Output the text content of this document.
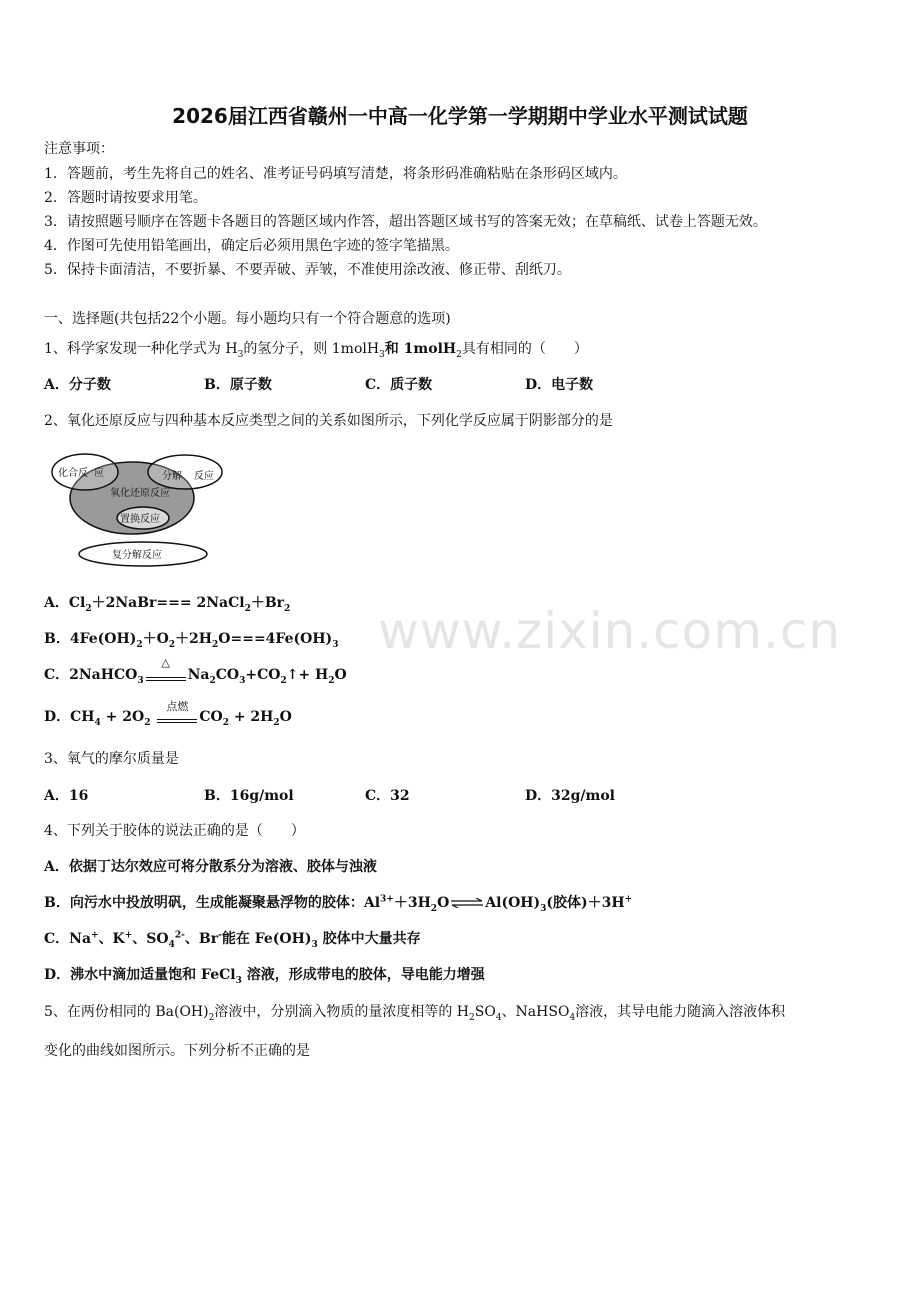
2026届江西省赣州一中高一化学第一学期期中学业水平测试试题
注意事项：
1．答题前，考生先将自己的姓名、准考证号码填写清楚，将条形码准确粘贴在条形码区域内。
2．答题时请按要求用笔。
3．请按照题号顺序在答题卡各题目的答题区域内作答，超出答题区域书写的答案无效；在草稿纸、试卷上答题无效。
4．作图可先使用铅笔画出，确定后必须用黑色字迹的签字笔描黑。
5．保持卡面清洁，不要折暴、不要弄破、弄皱，不准使用涂改液、修正带、刮纸刀。
一、选择题(共包括22个小题。每小题均只有一个符合题意的选项)
1、科学家发现一种化学式为 $H_3$的氢分子，则 1molH$_3$和 1molH$_2$具有相同的（　　）
A．分子数	B．原子数	C．质子数	D．电子数
2、氧化还原反应与四种基本反应类型之间的关系如图所示，下列化学反应属于阴影部分的是
化合反 应	分解 反应
氧化还原反应
置换反应
复分解反应
A．$Cl_2+2NaBr===$ $2NaCl_2+Br_2$
B．$4Fe(OH)_2+O_2+2H_2O===4Fe(OH)_3$
C．2NaHCO$_3$
△
$Na_2CO_3+CO_2↑+ H_2O$
D．$CH_4 + 2O_2$
点燃
$CO_2 + 2H_2O$
3、氧气的摩尔质量是
A．16	B．16g/mol	C．32	D．32g/mol
4、下列关于胶体的说法正确的是（　　）
A．依据丁达尔效应可将分散系分为溶液、胶体与浊液
B．向污水中投放明矾，生成能凝聚悬浮物的胶体：$Al^{3+}+3H_2O\rightleftharpoons Al(OH)_3$(胶体)＋3H+
C．Na+、K+、$SO_4^{2-}$、Br-能在 $Fe(OH)_3$ 胶体中大量共存
D．沸水中滴加适量饱和 FeCl$_3$ 溶液，形成带电的胶体，导电能力增强
5、在两份相同的 $Ba(OH)_2$溶液中，分别滴入物质的量浓度相等的 $H_2SO_4$、NaHSO$_4$溶液，其导电能力随滴入溶液体积
变化的曲线如图所示。下列分析不正确的是
www.zixin.com.cn
